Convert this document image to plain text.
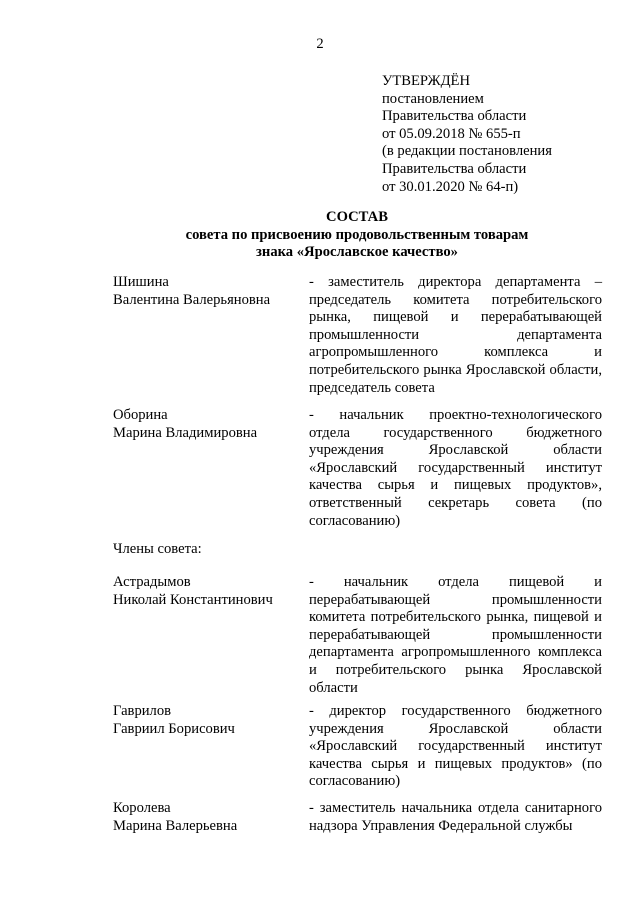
2
УТВЕРЖДЁН
постановлением
Правительства области
от 05.09.2018 № 655-п
(в редакции постановления
Правительства области
от 30.01.2020 № 64-п)
СОСТАВ
совета по присвоению продовольственным товарам
знака «Ярославское качество»
Шишина
Валентина Валерьяновна
- заместитель директора департамента – председатель комитета потребительского рынка, пищевой и перерабатывающей промышленности департамента агропромышленного комплекса и потребительского рынка Ярославской области, председатель совета
Оборина
Марина Владимировна
- начальник проектно-технологического отдела государственного бюджетного учреждения Ярославской области «Ярославский государственный институт качества сырья и пищевых продуктов», ответственный секретарь совета (по согласованию)
Члены совета:
Астрадымов
Николай Константинович
- начальник отдела пищевой и перерабатывающей промышленности комитета потребительского рынка, пищевой и перерабатывающей промышленности департамента агропромышленного комплекса и потребительского рынка Ярославской области
Гаврилов
Гавриил Борисович
- директор государственного бюджетного учреждения Ярославской области «Ярославский государственный институт качества сырья и пищевых продуктов» (по согласованию)
Королева
Марина Валерьевна
- заместитель начальника отдела санитарного надзора Управления Федеральной службы
